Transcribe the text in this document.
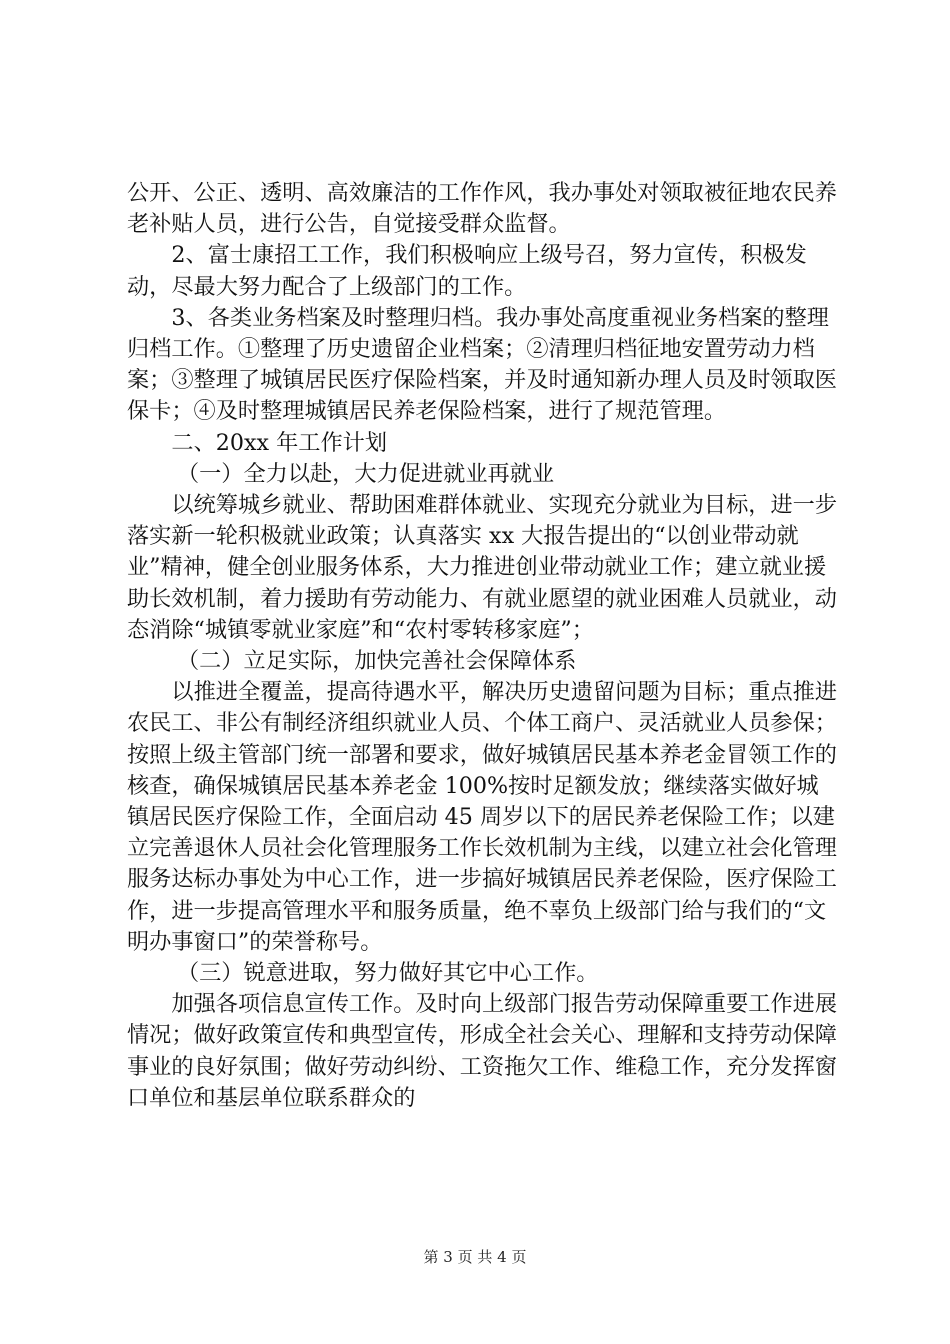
公开、公正、透明、高效廉洁的工作作风，我办事处对领取被征地农民养老补贴人员，进行公告，自觉接受群众监督。

2、富士康招工工作，我们积极响应上级号召，努力宣传，积极发动，尽最大努力配合了上级部门的工作。

3、各类业务档案及时整理归档。我办事处高度重视业务档案的整理归档工作。①整理了历史遗留企业档案；②清理归档征地安置劳动力档案；③整理了城镇居民医疗保险档案，并及时通知新办理人员及时领取医保卡；④及时整理城镇居民养老保险档案，进行了规范管理。

二、20xx 年工作计划

（一）全力以赴，大力促进就业再就业

以统筹城乡就业、帮助困难群体就业、实现充分就业为目标，进一步落实新一轮积极就业政策；认真落实 xx 大报告提出的“以创业带动就业”精神，健全创业服务体系，大力推进创业带动就业工作；建立就业援助长效机制，着力援助有劳动能力、有就业愿望的就业困难人员就业，动态消除“城镇零就业家庭”和“农村零转移家庭”；

（二）立足实际，加快完善社会保障体系

以推进全覆盖，提高待遇水平，解决历史遗留问题为目标；重点推进农民工、非公有制经济组织就业人员、个体工商户、灵活就业人员参保；按照上级主管部门统一部署和要求，做好城镇居民基本养老金冒领工作的核查，确保城镇居民基本养老金 100%按时足额发放；继续落实做好城镇居民医疗保险工作，全面启动 45 周岁以下的居民养老保险工作；以建立完善退休人员社会化管理服务工作长效机制为主线，以建立社会化管理服务达标办事处为中心工作，进一步搞好城镇居民养老保险，医疗保险工作，进一步提高管理水平和服务质量，绝不辜负上级部门给与我们的“文明办事窗口”的荣誉称号。

（三）锐意进取，努力做好其它中心工作。

加强各项信息宣传工作。及时向上级部门报告劳动保障重要工作进展情况；做好政策宣传和典型宣传，形成全社会关心、理解和支持劳动保障事业的良好氛围；做好劳动纠纷、工资拖欠工作、维稳工作，充分发挥窗口单位和基层单位联系群众的

第 3 页 共 4 页
